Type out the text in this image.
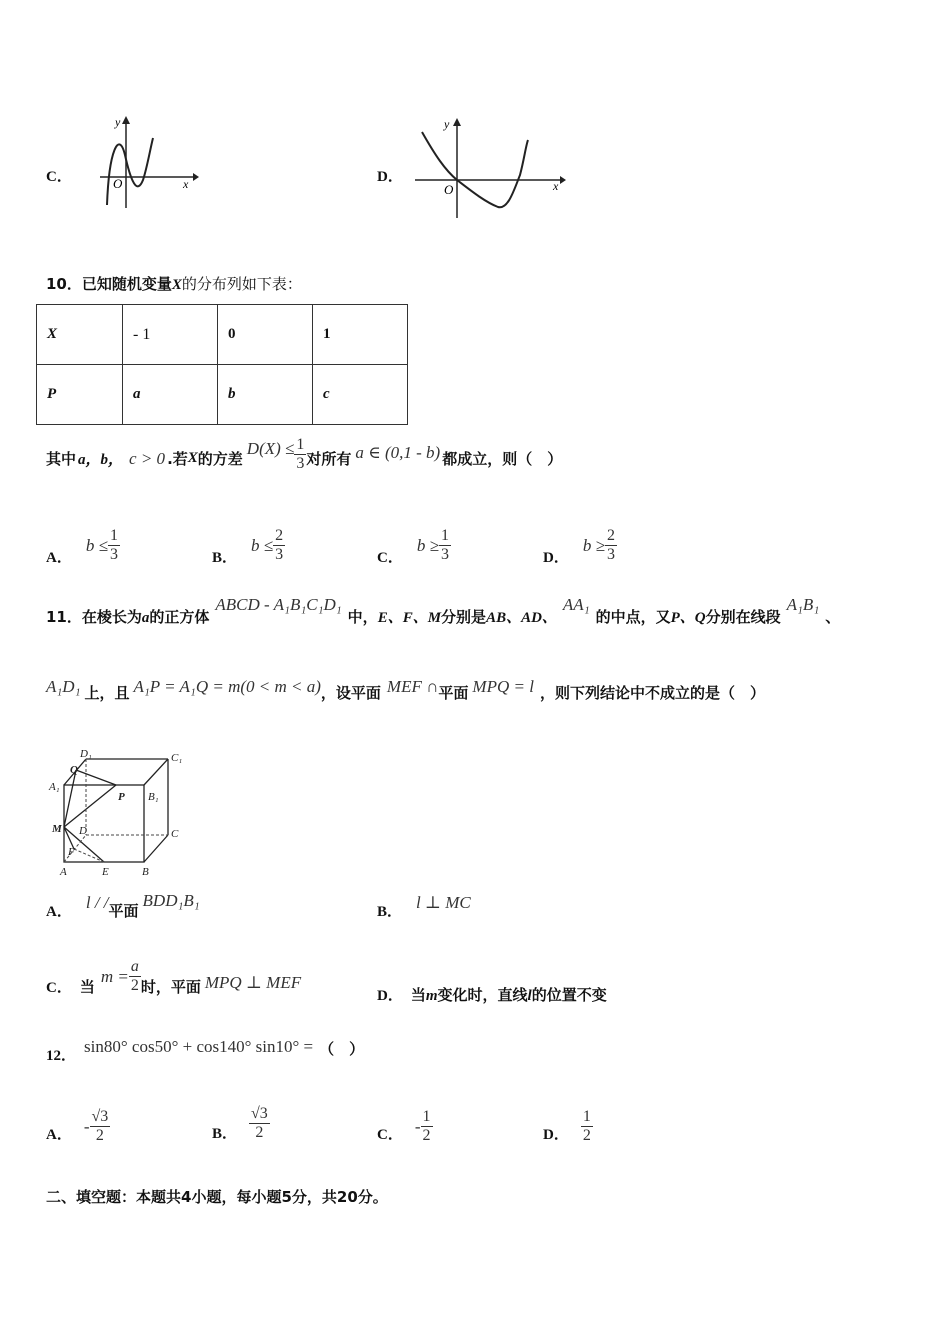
C．
y
x
O	D．
y
x
O
10．已知随机变量X的分布列如下表：
X	- 1	0	1
P	a	b	c
其中 a，b， c > 0 .若 X 的方差
$D(X) \le \frac{1}{3}$ 对所有 a ∈ (0,1 - b) 都成立，则（　）
A．
$b \le \frac{1}{3}$	B．
$b \le \frac{2}{3}$	C．
$b \ge \frac{1}{3}$	D．
$b \ge \frac{2}{3}$
11． 在棱长为 a 的正方体
ABCD - A₁B₁C₁D₁
中， E、F、M 分别是 AB、AD、
AA₁
的中点，又 P、Q 分别在线段
A₁B₁
、
A₁D₁ 上，且 A₁P = A₁Q = m(0 < m < a) ，设平面 MEF ∩ 平面 MPQ = l ，则下列结论中不成立的是（　）
D₁	C₁
Q
A₁
P B₁
M D	C
F
A	E	B
A． l / / 平面
BDD₁B₁
B． l ⊥ MC
C． 当
$m = \frac{a}{2}$ 时，平面 MPQ ⊥ MEF
D． 当 m 变化时，直线 l 的位置不变
12． sin80° cos50° + cos140° sin10° = （　）
A． - $\frac{√3}{2}$	B． $\frac{√3}{2}$	C． - $\frac{1}{2}$	D． $\frac{1}{2}$
二、填空题：本题共4小题，每小题5分，共20分。
